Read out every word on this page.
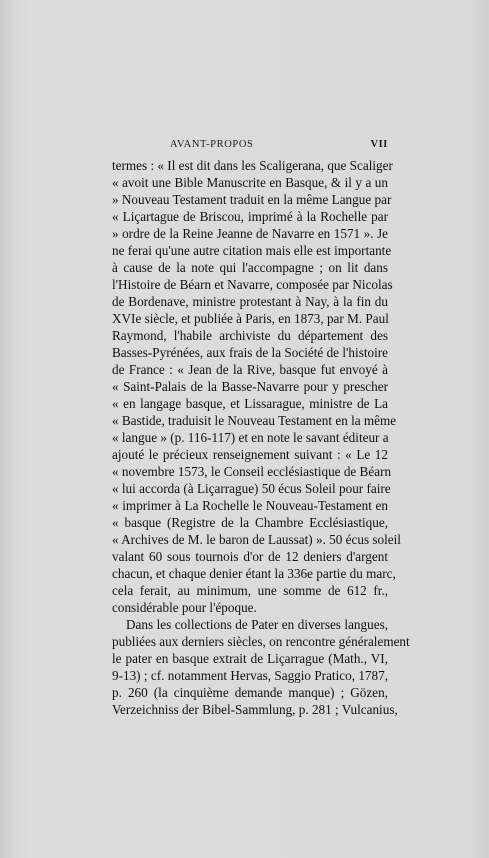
AVANT-PROPOS	VII
termes : « Il est dit dans les Scaligerana, que Scaliger
« avoit une Bible Manuscrite en Basque, & il y a un
» Nouveau Testament traduit en la même Langue par
« Liçartague de Briscou, imprimé à la Rochelle par
» ordre de la Reine Jeanne de Navarre en 1571 ». Je
ne ferai qu'une autre citation mais elle est importante
à cause de la note qui l'accompagne ; on lit dans
l'Histoire de Béarn et Navarre, composée par Nicolas
de Bordenave, ministre protestant à Nay, à la fin du
XVIe siècle, et publiée à Paris, en 1873, par M. Paul
Raymond, l'habile archiviste du département des
Basses-Pyrénées, aux frais de la Société de l'histoire
de France : « Jean de la Rive, basque fut envoyé à
« Saint-Palais de la Basse-Navarre pour y prescher
« en langage basque, et Lissarague, ministre de La
« Bastide, traduisit le Nouveau Testament en la même
« langue » (p. 116-117) et en note le savant éditeur a
ajouté le précieux renseignement suivant : « Le 12
« novembre 1573, le Conseil ecclésiastique de Béarn
« lui accorda (à Liçarrague) 50 écus Soleil pour faire
« imprimer à La Rochelle le Nouveau-Testament en
« basque (Registre de la Chambre Ecclésiastique,
« Archives de M. le baron de Laussat) ». 50 écus soleil
valant 60 sous tournois d'or de 12 deniers d'argent
chacun, et chaque denier étant la 336e partie du marc,
cela ferait, au minimum, une somme de 612 fr.,
considérable pour l'époque.
Dans les collections de Pater en diverses langues,
publiées aux derniers siècles, on rencontre généralement
le pater en basque extrait de Liçarrague (Math., VI,
9-13) ; cf. notamment Hervas, Saggio Pratico, 1787,
p. 260 (la cinquième demande manque) ; Gözen,
Verzeichniss der Bibel-Sammlung, p. 281 ; Vulcanius,
